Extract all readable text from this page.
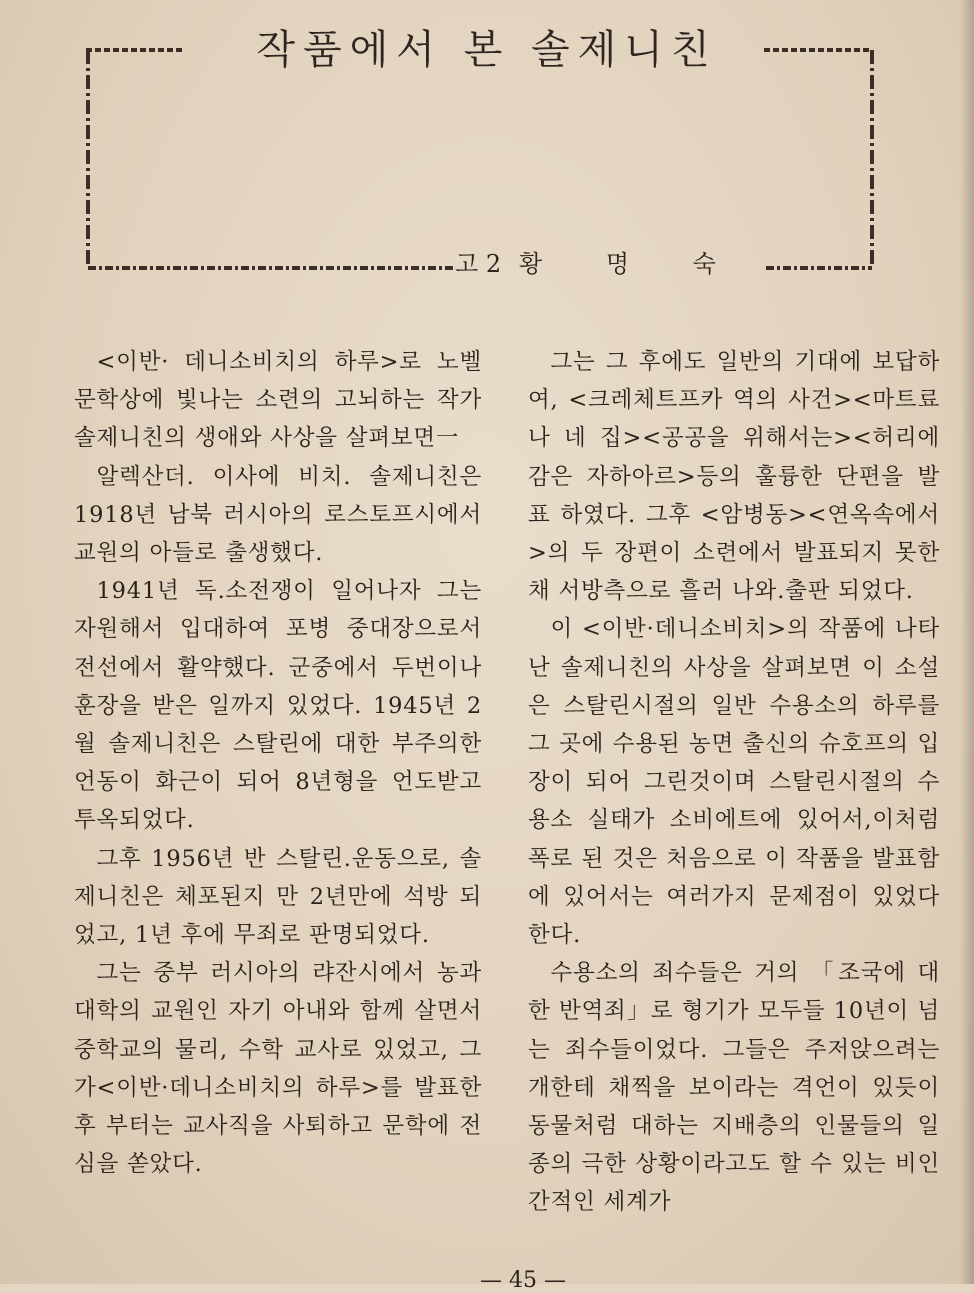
작품에서 본 솔제니친
고 2 황 명 숙

<이반· 데니소비치의 하루>로 노벨 문학상에 빛나는 소련의 고뇌하는 작가 솔제니친의 생애와 사상을 살펴보면一

알렉산더. 이사에 비치. 솔제니친은 1918년 남북 러시아의 로스토프시에서 교원의 아들로 출생했다.

1941년 독.소전쟁이 일어나자 그는 자원해서 입대하여 포병 중대장으로서 전선에서 활약했다. 군중에서 두번이나 훈장을 받은 일까지 있었다. 1945년 2월 솔제니친은 스탈린에 대한 부주의한 언동이 화근이 되어 8년형을 언도받고 투옥되었다.

그후 1956년 반 스탈린.운동으로, 솔제니친은 체포된지 만 2년만에 석방 되었고, 1년 후에 무죄로 판명되었다.

그는 중부 러시아의 랴잔시에서 농과대학의 교원인 자기 아내와 함께 살면서 중학교의 물리, 수학 교사로 있었고, 그가<이반·데니소비치의 하루>를 발표한 후 부터는 교사직을 사퇴하고 문학에 전심을 쏟았다.

그는 그 후에도 일반의 기대에 보답하여, <크레체트프카 역의 사건><마트료나 네 집><공공을 위해서는><허리에 감은 자하아르>등의 훌륭한 단편을 발표 하였다. 그후 <암병동><연옥속에서>의 두 장편이 소련에서 발표되지 못한 채 서방측으로 흘러 나와.출판 되었다.

이 <이반·데니소비치>의 작품에 나타난 솔제니친의 사상을 살펴보면 이 소설은 스탈린시절의 일반 수용소의 하루를 그 곳에 수용된 농면 출신의 슈호프의 입장이 되어 그린것이며 스탈린시절의 수용소 실태가 소비에트에 있어서,이처럼 폭로 된 것은 처음으로 이 작품을 발표함에 있어서는 여러가지 문제점이 있었다 한다.

수용소의 죄수들은 거의 「조국에 대한 반역죄」로 형기가 모두들 10년이 넘는 죄수들이었다. 그들은 주저앉으려는 개한테 채찍을 보이라는 격언이 있듯이 동물처럼 대하는 지배층의 인물들의 일종의 극한 상황이라고도 할 수 있는 비인간적인 세계가

— 45 —
